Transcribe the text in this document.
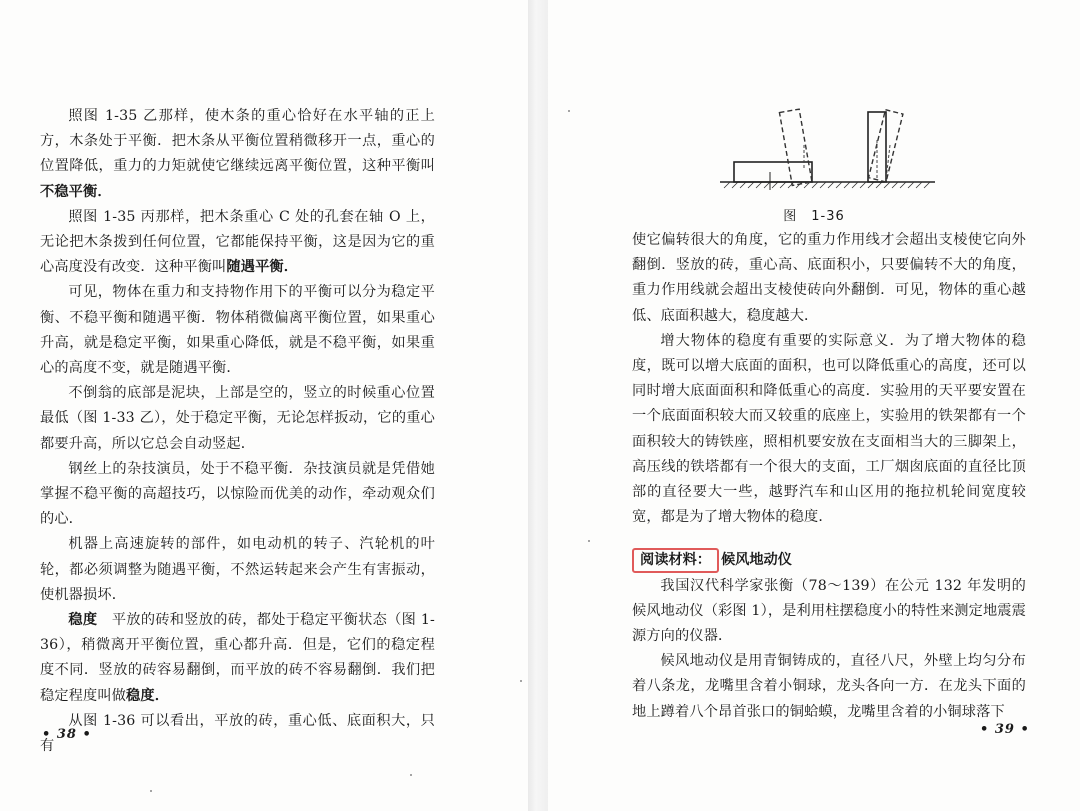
照图 1-35 乙那样，使木条的重心恰好在水平轴的正上方，木条处于平衡．把木条从平衡位置稍微移开一点，重心的位置降低，重力的力矩就使它继续远离平衡位置，这种平衡叫不稳平衡．

照图 1-35 丙那样，把木条重心 C 处的孔套在轴 O 上，无论把木条拨到任何位置，它都能保持平衡，这是因为它的重心高度没有改变．这种平衡叫随遇平衡．

可见，物体在重力和支持物作用下的平衡可以分为稳定平衡、不稳平衡和随遇平衡．物体稍微偏离平衡位置，如果重心升高，就是稳定平衡，如果重心降低，就是不稳平衡，如果重心的高度不变，就是随遇平衡．

不倒翁的底部是泥块，上部是空的，竖立的时候重心位置最低（图 1-33 乙），处于稳定平衡，无论怎样扳动，它的重心都要升高，所以它总会自动竖起．

钢丝上的杂技演员，处于不稳平衡．杂技演员就是凭借她掌握不稳平衡的高超技巧，以惊险而优美的动作，牵动观众们的心．

机器上高速旋转的部件，如电动机的转子、汽轮机的叶轮，都必须调整为随遇平衡，不然运转起来会产生有害振动，使机器损坏．

稳度　平放的砖和竖放的砖，都处于稳定平衡状态（图 1-36），稍微离开平衡位置，重心都升高．但是，它们的稳定程度不同．竖放的砖容易翻倒，而平放的砖不容易翻倒．我们把稳定程度叫做稳度．

从图 1-36 可以看出，平放的砖，重心低、底面积大，只有

• 38 •
图　1-36

使它偏转很大的角度，它的重力作用线才会超出支棱使它向外翻倒．竖放的砖，重心高、底面积小，只要偏转不大的角度，重力作用线就会超出支棱使砖向外翻倒．可见，物体的重心越低、底面积越大，稳度越大．

增大物体的稳度有重要的实际意义．为了增大物体的稳度，既可以增大底面的面积，也可以降低重心的高度，还可以同时增大底面面积和降低重心的高度．实验用的天平要安置在一个底面面积较大而又较重的底座上，实验用的铁架都有一个面积较大的铸铁座，照相机要安放在支面相当大的三脚架上，高压线的铁塔都有一个很大的支面，工厂烟囱底面的直径比顶部的直径要大一些，越野汽车和山区用的拖拉机轮间宽度较宽，都是为了增大物体的稳度．

阅读材料： 候风地动仪

我国汉代科学家张衡（78～139）在公元 132 年发明的候风地动仪（彩图 1），是利用柱摆稳度小的特性来测定地震震源方向的仪器．

候风地动仪是用青铜铸成的，直径八尺，外壁上均匀分布着八条龙，龙嘴里含着小铜球，龙头各向一方．在龙头下面的地上蹲着八个昂首张口的铜蛤蟆，龙嘴里含着的小铜球落下

• 39 •
